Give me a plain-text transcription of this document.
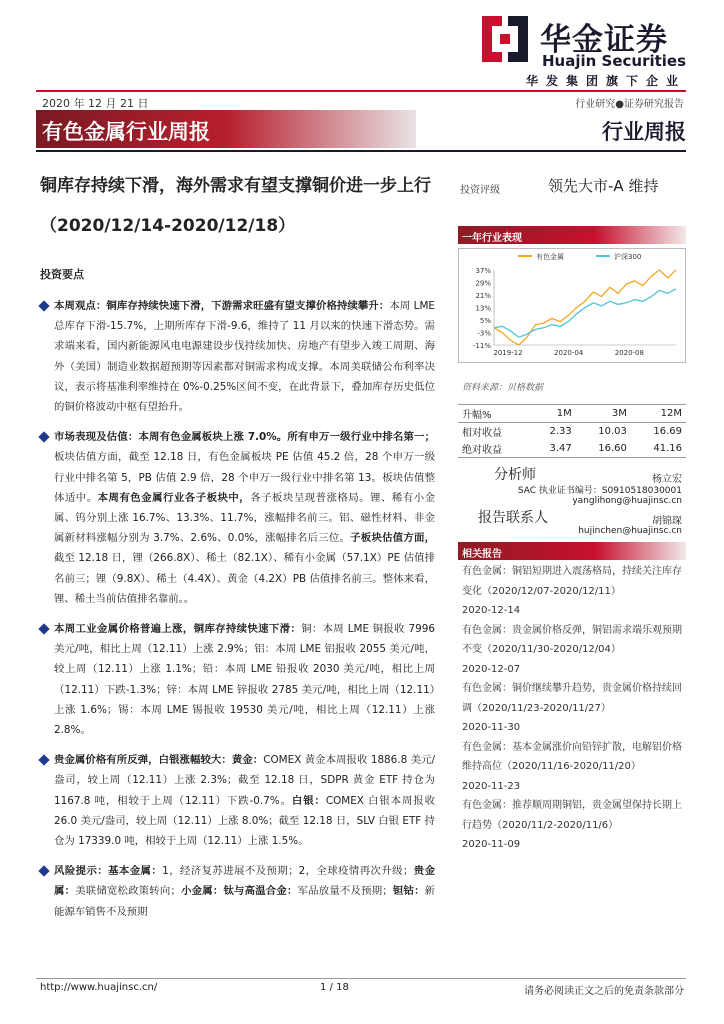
华金证券
Huajin Securities
华发集团旗下企业
2020 年 12 月 21 日	行业研究●证券研究报告
有色金属行业周报	行业周报
铜库存持续下滑，海外需求有望支撑铜价进一步上行（2020/12/14-2020/12/18）
投资评级	领先大市-A 维持
一年行业表现
有色金属	沪深300
37%
29%
21%
13%
5%
-3%
-11%
2019-12	2020-04	2020-08
资料来源：贝格数据
升幅%	1M	3M	12M
相对收益	2.33	10.03	16.69
绝对收益	3.47	16.60	41.16
分析师	杨立宏
SAC 执业证书编号：S0910518030001
yanglihong@huajinsc.cn
报告联系人	胡锦琛
hujinchen@huajinsc.cn
相关报告

有色金属：铜铝短期进入震荡格局，持续关注库存变化（2020/12/07-2020/12/11）

2020-12-14

有色金属：贵金属价格反弹，铜铝需求端乐观预期不变（2020/11/30-2020/12/04）

2020-12-07

有色金属：铜价继续攀升趋势，贵金属价格持续回调（2020/11/23-2020/11/27）

2020-11-30

有色金属：基本金属涨价向铅锌扩散，电解铝价格维持高位（2020/11/16-2020/11/20）

2020-11-23

有色金属：推荐顺周期铜铝，贵金属望保持长期上行趋势（2020/11/2-2020/11/6）

2020-11-09

投资要点
本周观点：铜库存持续快速下滑，下游需求旺盛有望支撑价格持续攀升：本周 LME 总库存下滑-15.7%，上期所库存下滑-9.6，维持了 11 月以来的快速下滑态势。需求端来看，国内新能源风电电源建设步伐持续加快、房地产有望步入竣工周期、海外（美国）制造业数据超预期等因素都对铜需求构成支撑。本周美联储公布利率决议，表示将基准利率维持在 0%-0.25%区间不变，在此背景下，叠加库存历史低位的铜价格波动中枢有望抬升。
市场表现及估值：本周有色金属板块上涨 7.0%。所有申万一级行业中排名第一；板块估值方面，截至 12.18 日，有色金属板块 PE 估值 45.2 倍，28 个申万一级行业中排名第 5，PB 估值 2.9 倍，28 个申万一级行业中排名第 13。板块估值整体适中。本周有色金属行业各子板块中，各子板块呈现普涨格局。锂、稀有小金属、钨分别上涨 16.7%、13.3%、11.7%，涨幅排名前三。铝、磁性材料、非金属新材料涨幅分别为 3.7%、2.6%、0.0%，涨幅排名后三位。子板块估值方面，截至 12.18 日，锂（266.8X）、稀土（82.1X）、稀有小金属（57.1X）PE 估值排名前三；锂（9.8X）、稀土（4.4X）、黄金（4.2X）PB 估值排名前三。整体来看，锂、稀土当前估值排名靠前。。
本周工业金属价格普遍上涨，铜库存持续快速下滑：铜：本周 LME 铜报收 7996 美元/吨，相比上周（12.11）上涨 2.9%；铝：本周 LME 铝报收 2055 美元/吨，较上周（12.11）上涨 1.1%；铅：本周 LME 铅报收 2030 美元/吨，相比上周（12.11）下跌-1.3%；锌：本周 LME 锌报收 2785 美元/吨，相比上周（12.11）上涨 1.6%；锡：本周 LME 锡报收 19530 美元/吨，相比上周（12.11）上涨 2.8%。
贵金属价格有所反弹，白银涨幅较大：黄金：COMEX 黄金本周报收 1886.8 美元/盎司，较上周（12.11）上涨 2.3%；截至 12.18 日，SDPR 黄金 ETF 持仓为 1167.8 吨，相较于上周（12.11）下跌-0.7%。白银：COMEX 白银本周报收 26.0 美元/盎司，较上周（12.11）上涨 8.0%；截至 12.18 日，SLV 白银 ETF 持仓为 17339.0 吨，相较于上周（12.11）上涨 1.5%。
风险提示：基本金属：1，经济复苏进展不及预期；2，全球疫情再次升级；贵金属：美联储宽松政策转向；小金属：钛与高温合金：军品放量不及预期；钽钴：新能源车销售不及预期
http://www.huajinsc.cn/	1 / 18	请务必阅读正文之后的免责条款部分
